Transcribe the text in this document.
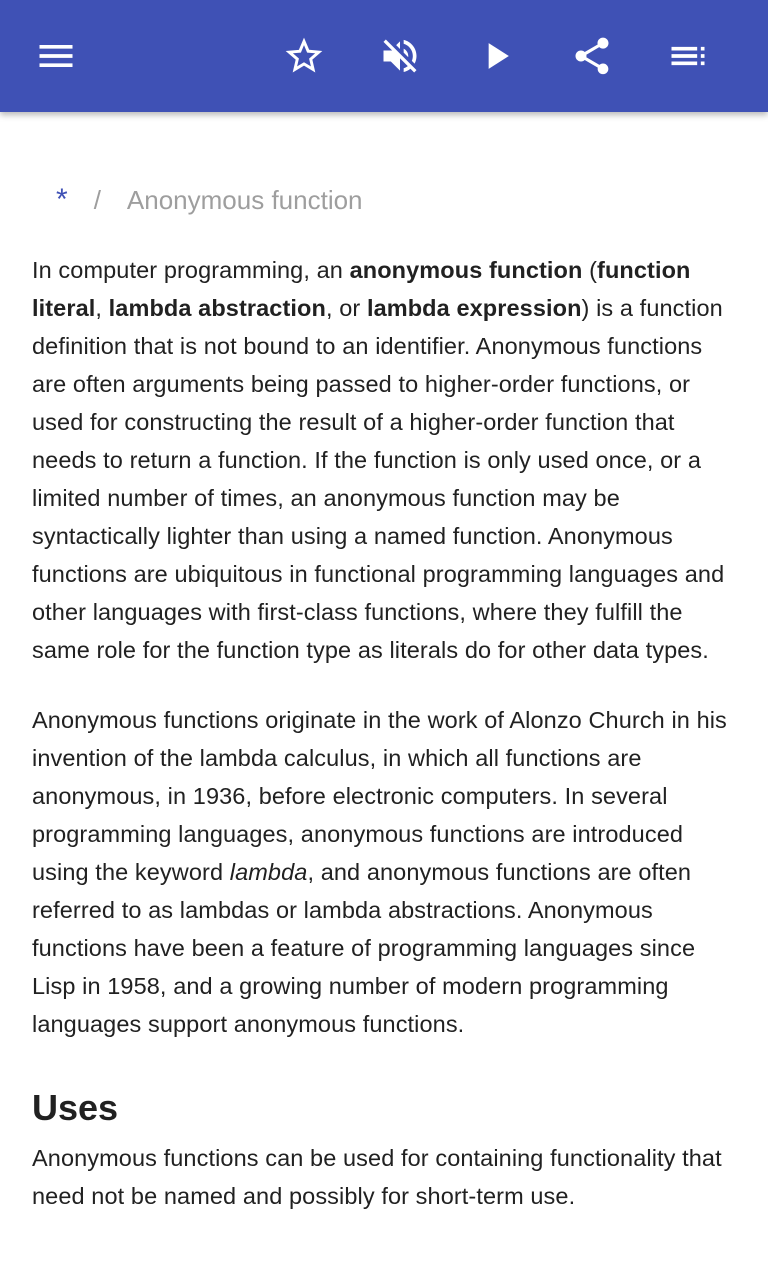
* / Anonymous function

In computer programming, an anonymous function (function literal, lambda abstraction, or lambda expression) is a function definition that is not bound to an identifier. Anonymous functions are often arguments being passed to higher-order functions, or used for constructing the result of a higher-order function that needs to return a function. If the function is only used once, or a limited number of times, an anonymous function may be syntactically lighter than using a named function. Anonymous functions are ubiquitous in functional programming languages and other languages with first-class functions, where they fulfill the same role for the function type as literals do for other data types.

Anonymous functions originate in the work of Alonzo Church in his invention of the lambda calculus, in which all functions are anonymous, in 1936, before electronic computers. In several programming languages, anonymous functions are introduced using the keyword lambda, and anonymous functions are often referred to as lambdas or lambda abstractions. Anonymous functions have been a feature of programming languages since Lisp in 1958, and a growing number of modern programming languages support anonymous functions.

Uses

Anonymous functions can be used for containing functionality that need not be named and possibly for short-term use.
